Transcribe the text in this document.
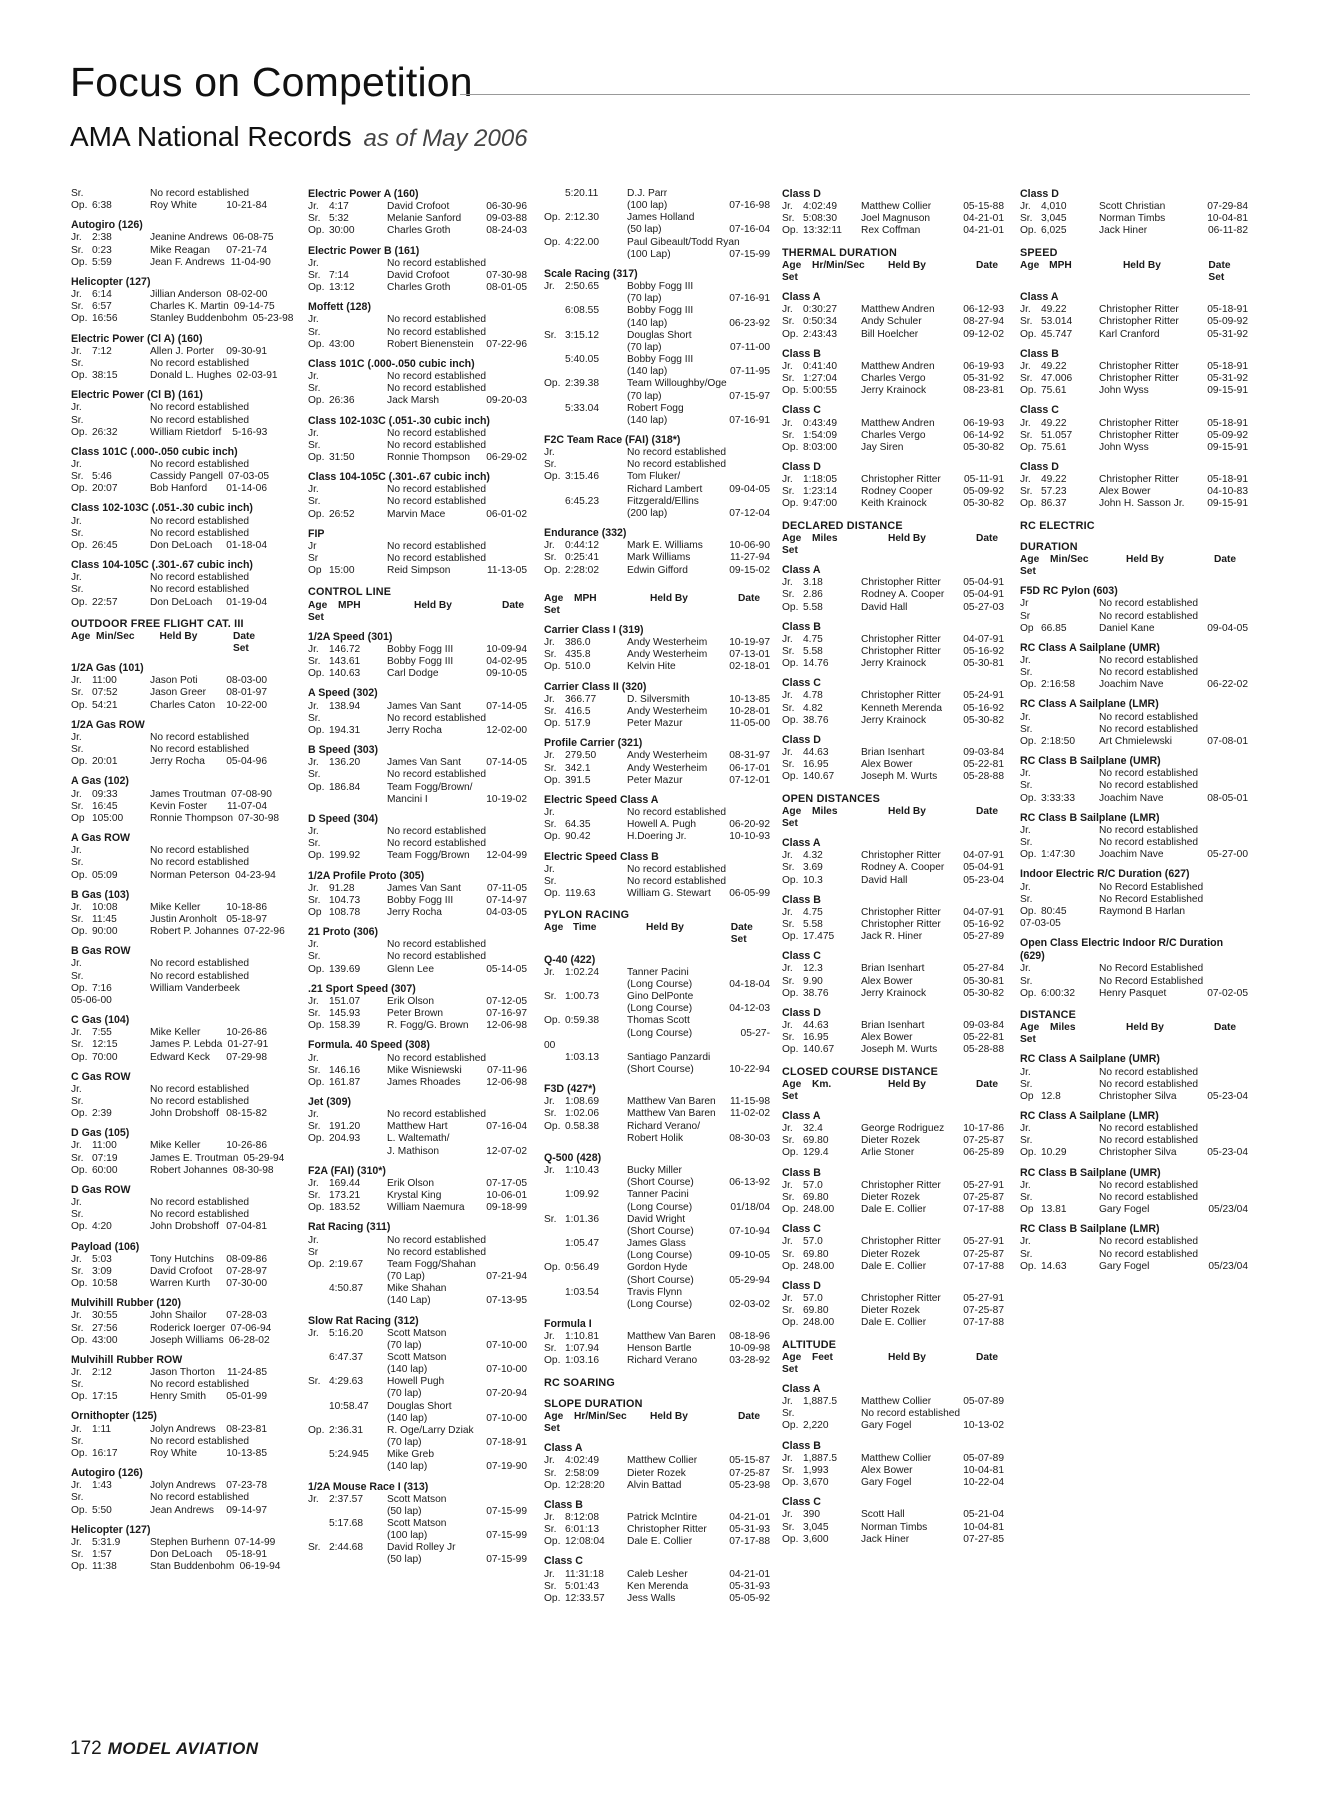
Focus on Competition
AMA National Records as of May 2006
Sr.	No record established
Op. 6:38	Roy White	10-21-84
Autogiro (126)
Jr.	2:38	Jeanine Andrews 06-08-75
Sr. 0:23	Mike Reagan	07-21-74
Op. 5:59	Jean F. Andrews 11-04-90
Helicopter (127)
Jr.	6:14	Jillian Anderson 08-02-00
Sr. 6:57	Charles K. Martin 09-14-75
Op. 16:56	Stanley Buddenbohm 05-23-98
Electric Power (Cl A) (160)
Jr.	7:12	Allen J. Porter	09-30-91
Sr.	No record established
Op. 38:15	Donald L. Hughes 02-03-91
Electric Power (Cl B) (161)
Jr.	No record established
Sr.	No record established
Op. 26:32	William Rietdorf	5-16-93
Class 101C (.000-.050 cubic inch)
Jr.	No record established
Sr. 5:46	Cassidy Pangell 07-03-05
Op. 20:07	Bob Hanford	01-14-06
Class 102-103C (.051-.30 cubic inch)
Jr.	No record established
Sr.	No record established
Op. 26:45	Don DeLoach	01-18-04
Class 104-105C (.301-.67 cubic inch)
Jr.	No record established
Sr.	No record established
Op. 22:57	Don DeLoach	01-19-04
OUTDOOR FREE FLIGHT CAT. III
Age Min/Sec	Held By	Date Set
1/2A Gas (101)
Jr.	11:00	Jason Poti	08-03-00
Sr. 07:52	Jason Greer	08-01-97
Op. 54:21	Charles Caton	10-22-00
1/2A Gas ROW
Jr.	No record established
Sr.	No record established
Op. 20:01	Jerry Rocha	05-04-96
A Gas (102)
Jr.	09:33	James Troutman 07-08-90
Sr. 16:45	Kevin Foster	11-07-04
Op 105:00	Ronnie Thompson 07-30-98
A Gas ROW
Jr.	No record established
Sr.	No record established
Op. 05:09	Norman Peterson 04-23-94
B Gas (103)
Jr.	10:08	Mike Keller	10-18-86
Sr. 11:45	Justin Aronholt 05-18-97
Op. 90:00	Robert P. Johannes 07-22-96
B Gas ROW
Jr.	No record established
Sr.	No record established
Op. 7:16	William Vanderbeek
05-06-00
C Gas (104)
Jr.	7:55	Mike Keller	10-26-86
Sr. 12:15	James P. Lebda 01-27-91
Op. 70:00	Edward Keck	07-29-98
C Gas ROW
Jr.	No record established
Sr.	No record established
Op. 2:39	John Drobshoff 08-15-82
D Gas (105)
Jr.	11:00	Mike Keller	10-26-86
Sr. 07:19	James E. Troutman 05-29-94
Op. 60:00	Robert Johannes 08-30-98
D Gas ROW
Jr.	No record established
Sr.	No record established
Op. 4:20	John Drobshoff 07-04-81
Payload (106)
Jr.	5:03	Tony Hutchins	08-09-86
Sr. 3:09	David Crofoot	07-28-97
Op. 10:58	Warren Kurth	07-30-00
Mulvihill Rubber (120)
Jr.	30:55	John Shailor	07-28-03
Sr. 27:56	Roderick Ioerger 07-06-94
Op. 43:00	Joseph Williams 06-28-02
Mulvihill Rubber ROW
Jr.	2:12	Jason Thorton	11-24-85
Sr.	No record established
Op. 17:15	Henry Smith	05-01-99
Ornithopter (125)
Jr.	1:11	Jolyn Andrews	08-23-81
Sr.	No record established
Op. 16:17	Roy White	10-13-85
Autogiro (126)
Jr.	1:43	Jolyn Andrews	07-23-78
Sr.	No record established
Op. 5:50	Jean Andrews	09-14-97
Helicopter (127)
Jr.	5:31.9	Stephen Burhenn 07-14-99
Sr. 1:57	Don DeLoach	05-18-91
Op. 11:38	Stan Buddenbohm 06-19-94
Electric Power A (160)
Jr.	4:17	David Crofoot	06-30-96
Sr. 5:32	Melanie Sanford	09-03-88
Op. 30:00	Charles Groth	08-24-03
Electric Power B (161)
Jr.	No record established
Sr. 7:14	David Crofoot	07-30-98
Op. 13:12	Charles Groth	08-01-05
Moffett (128)
Jr.	No record established
Sr.	No record established
Op. 43:00	Robert Bienenstein	07-22-96
Class 101C (.000-.050 cubic inch)
Jr.	No record established
Sr.	No record established
Op. 26:36	Jack Marsh	09-20-03
Class 102-103C (.051-.30 cubic inch)
Jr.	No record established
Sr.	No record established
Op. 31:50	Ronnie Thompson	06-29-02
Class 104-105C (.301-.67 cubic inch)
Jr.	No record established
Sr.	No record established
Op. 26:52	Marvin Mace	06-01-02
FIP
Jr	No record established
Sr	No record established
Op 15:00	Reid Simpson	11-13-05
CONTROL LINE
Age	MPH	Held By	Date
Set
1/2A Speed (301)
Jr.	146.72	Bobby Fogg III	10-09-94
Sr. 143.61	Bobby Fogg III	04-02-95
Op. 140.63	Carl Dodge	09-10-05
A Speed (302)
Jr.	138.94	James Van Sant	07-14-05
Sr.	No record established
Op. 194.31	Jerry Rocha	12-02-00
B Speed (303)
Jr.	136.20	James Van Sant	07-14-05
Sr.	No record established
Op. 186.84	Team Fogg/Brown/
Mancini I	10-19-02
D Speed (304)
Jr.	No record established
Sr.	No record established
Op. 199.92	Team Fogg/Brown	12-04-99
1/2A Profile Proto (305)
Jr.	91.28	James Van Sant	07-11-05
Sr. 104.73	Bobby Fogg III	07-14-97
Op 108.78	Jerry Rocha	04-03-05
21 Proto (306)
Jr.	No record established
Sr.	No record established
Op. 139.69	Glenn Lee	05-14-05
.21 Sport Speed (307)
Jr.	151.07	Erik Olson	07-12-05
Sr. 145.93	Peter Brown	07-16-97
Op. 158.39	R. Fogg/G. Brown	12-06-98
Formula. 40 Speed (308)
Jr.	No record established
Sr. 146.16	Mike Wisniewski	07-11-96
Op. 161.87	James Rhoades	12-06-98
Jet (309)
Jr.	No record established
Sr. 191.20	Matthew Hart	07-16-04
Op. 204.93	L. Waltemath/
J. Mathison	12-07-02
F2A (FAI) (310*)
Jr.	169.44	Erik Olson	07-17-05
Sr. 173.21	Krystal King	10-06-01
Op. 183.52	William Naemura	09-18-99
Rat Racing (311)
Jr.	No record established
Sr	No record established
Op. 2:19.67	Team Fogg/Shahan
(70 Lap)	07-21-94
4:50.87	Mike Shahan
(140 Lap)	07-13-95
Slow Rat Racing (312)
Jr.	5:16.20	Scott Matson
(70 lap)	07-10-00
6:47.37	Scott Matson
(140 lap)	07-10-00
Sr. 4:29.63	Howell Pugh
(70 lap)	07-20-94
10:58.47	Douglas Short
(140 lap)	07-10-00
Op. 2:36.31	R. Oge/Larry Dziak
(70 lap)	07-18-91
5:24.945	Mike Greb
(140 lap)	07-19-90
1/2A Mouse Race I (313)
Jr.	2:37.57	Scott Matson
(50 lap)	07-15-99
5:17.68	Scott Matson
(100 lap)	07-15-99
Sr. 2:44.68	David Rolley Jr
(50 lap)	07-15-99
5:20.11	D.J. Parr
(100 lap)	07-16-98
Op. 2:12.30	James Holland
(50 lap)	07-16-04
Op. 4:22.00	Paul Gibeault/Todd Ryan
(100 Lap)	07-15-99
Scale Racing (317)
Jr.	2:50.65	Bobby Fogg III
(70 lap)	07-16-91
6:08.55	Bobby Fogg III
(140 lap)	06-23-92
Sr. 3:15.12	Douglas Short
(70 lap)	07-11-00
5:40.05	Bobby Fogg III
(140 lap)	07-11-95
Op. 2:39.38	Team Willoughby/Oge
(70 lap)	07-15-97
5:33.04	Robert Fogg
(140 lap)	07-16-91
F2C Team Race (FAI) (318*)
Jr.	No record established
Sr.	No record established
Op. 3:15.46	Tom Fluker/
Richard Lambert	09-04-05
6:45.23	Fitzgerald/Ellins
(200 lap)	07-12-04
Endurance (332)
Jr.	0:44:12	Mark E. Williams	10-06-90
Sr. 0:25:41	Mark Williams	11-27-94
Op. 2:28:02	Edwin Gifford	09-15-02
Age	MPH	Held By	Date
Set
Carrier Class I (319)
Jr.	386.0	Andy Westerheim	10-19-97
Sr. 435.8	Andy Westerheim	07-13-01
Op. 510.0	Kelvin Hite	02-18-01
Carrier Class II (320)
Jr.	366.77	D. Silversmith	10-13-85
Sr. 416.5	Andy Westerheim	10-28-01
Op. 517.9	Peter Mazur	11-05-00
Profile Carrier (321)
Jr.	279.50	Andy Westerheim	08-31-97
Sr. 342.1	Andy Westerheim	06-17-01
Op. 391.5	Peter Mazur	07-12-01
Electric Speed Class A
Jr.	No record established
Sr. 64.35	Howell A. Pugh	06-20-92
Op. 90.42	H.Doering Jr.	10-10-93
Electric Speed Class B
Jr.	No record established
Sr.	No record established
Op. 119.63	William G. Stewart	06-05-99
PYLON RACING
Age Time	Held By	Date Set
Q-40 (422)
Jr.	1:02.24	Tanner Pacini
(Long Course)	04-18-04
Sr. 1:00.73	Gino DelPonte
(Long Course)	04-12-03
Op. 0:59.38	Thomas Scott
(Long Course)	05-27-
00
1:03.13	Santiago Panzardi
(Short Course)	10-22-94
F3D (427*)
Jr.	1:08.69	Matthew Van Baren	11-15-98
Sr. 1:02.06	Matthew Van Baren	11-02-02
Op. 0.58.38	Richard Verano/
Robert Holik	08-30-03
Q-500 (428)
Jr.	1:10.43	Bucky Miller
(Short Course)	06-13-92
1:09.92	Tanner Pacini
(Long Course)	01/18/04
Sr. 1:01.36	David Wright
(Short Course)	07-10-94
1:05.47	James Glass
(Long Course)	09-10-05
Op. 0:56.49	Gordon Hyde
(Short Course)	05-29-94
1:03.54	Travis Flynn
(Long Course)	02-03-02
Formula I
Jr.	1:10.81	Matthew Van Baren	08-18-96
Sr. 1:07.94	Henson Bartle	10-09-98
Op. 1:03.16	Richard Verano	03-28-92
RC SOARING
SLOPE DURATION
Age	Hr/Min/Sec	Held By	Date
Set
Class A
Jr.	4:02:49	Matthew Collier	05-15-87
Sr. 2:58:09	Dieter Rozek	07-25-87
Op. 12:28:20	Alvin Battad	05-23-98
Class B
Jr.	8:12:08	Patrick McIntire	04-21-01
Sr. 6:01:13	Christopher Ritter	05-31-93
Op. 12:08:04	Dale E. Collier	07-17-88
Class C
Jr.	11:31:18	Caleb Lesher	04-21-01
Sr. 5:01:43	Ken Merenda	05-31-93
Op. 12:33.57	Jess Walls	05-05-92
Class D
Jr.	4:02:49	Matthew Collier	05-15-88
Sr. 5:08:30	Joel Magnuson	04-21-01
Op. 13:32:11	Rex Coffman	04-21-01
THERMAL DURATION
Age	Hr/Min/Sec	Held By	Date
Set
Class A
Jr.	0:30:27	Matthew Andren	06-12-93
Sr. 0:50:34	Andy Schuler	08-27-94
Op. 2:43:43	Bill Hoelcher	09-12-02
Class B
Jr.	0:41:40	Matthew Andren	06-19-93
Sr. 1:27:04	Charles Vergo	05-31-92
Op. 5:00:55	Jerry Krainock	08-23-81
Class C
Jr.	0:43:49	Matthew Andren	06-19-93
Sr. 1:54:09	Charles Vergo	06-14-92
Op. 8:03:00	Jay Siren	05-30-82
Class D
Jr.	1:18:05	Christopher Ritter	05-11-91
Sr. 1:23:14	Rodney Cooper	05-09-92
Op. 9:47:00	Keith Krainock	05-30-82
DECLARED DISTANCE
Age	Miles	Held By	Date
Set
Class A
Jr.	3.18	Christopher Ritter	05-04-91
Sr. 2.86	Rodney A. Cooper	05-04-91
Op. 5.58	David Hall	05-27-03
Class B
Jr.	4.75	Christopher Ritter	04-07-91
Sr. 5.58	Christopher Ritter	05-16-92
Op. 14.76	Jerry Krainock	05-30-81
Class C
Jr.	4.78	Christopher Ritter	05-24-91
Sr. 4.82	Kenneth Merenda	05-16-92
Op. 38.76	Jerry Krainock	05-30-82
Class D
Jr.	44.63	Brian Isenhart	09-03-84
Sr. 16.95	Alex Bower	05-22-81
Op. 140.67	Joseph M. Wurts	05-28-88
OPEN DISTANCES
Age	Miles	Held By	Date
Set
Class A
Jr.	4.32	Christopher Ritter	04-07-91
Sr. 3.69	Rodney A. Cooper	05-04-91
Op. 10.3	David Hall	05-23-04
Class B
Jr.	4.75	Christopher Ritter	04-07-91
Sr. 5.58	Christopher Ritter	05-16-92
Op. 17.475	Jack R. Hiner	05-27-89
Class C
Jr.	12.3	Brian Isenhart	05-27-84
Sr. 9.90	Alex Bower	05-30-81
Op. 38.76	Jerry Krainock	05-30-82
Class D
Jr.	44.63	Brian Isenhart	09-03-84
Sr. 16.95	Alex Bower	05-22-81
Op. 140.67	Joseph M. Wurts	05-28-88
CLOSED COURSE DISTANCE
Age	Km.	Held By	Date
Set
Class A
Jr.	32.4	George Rodriguez	10-17-86
Sr. 69.80	Dieter Rozek	07-25-87
Op. 129.4	Arlie Stoner	06-25-89
Class B
Jr.	57.0	Christopher Ritter	05-27-91
Sr. 69.80	Dieter Rozek	07-25-87
Op. 248.00	Dale E. Collier	07-17-88
Class C
Jr.	57.0	Christopher Ritter	05-27-91
Sr. 69.80	Dieter Rozek	07-25-87
Op. 248.00	Dale E. Collier	07-17-88
Class D
Jr.	57.0	Christopher Ritter	05-27-91
Sr. 69.80	Dieter Rozek	07-25-87
Op. 248.00	Dale E. Collier	07-17-88
ALTITUDE
Age	Feet	Held By	Date
Set
Class A
Jr.	1,887.5	Matthew Collier	05-07-89
Sr.	No record established
Op. 2,220	Gary Fogel	10-13-02
Class B
Jr.	1,887.5	Matthew Collier	05-07-89
Sr. 1,993	Alex Bower	10-04-81
Op. 3,670	Gary Fogel	10-22-04
Class C
Jr.	390	Scott Hall	05-21-04
Sr. 3,045	Norman Timbs	10-04-81
Op. 3,600	Jack Hiner	07-27-85
Class D
Jr.	4,010	Scott Christian	07-29-84
Sr. 3,045	Norman Timbs	10-04-81
Op. 6,025	Jack Hiner	06-11-82
SPEED
Age MPH	Held By	Date Set
Class A
Jr.	49.22	Christopher Ritter	05-18-91
Sr. 53.014	Christopher Ritter	05-09-92
Op. 45.747	Karl Cranford	05-31-92
Class B
Jr.	49.22	Christopher Ritter	05-18-91
Sr. 47.006	Christopher Ritter	05-31-92
Op. 75.61	John Wyss	09-15-91
Class C
Jr.	49.22	Christopher Ritter	05-18-91
Sr. 51.057	Christopher Ritter	05-09-92
Op. 75.61	John Wyss	09-15-91
Class D
Jr.	49.22	Christopher Ritter	05-18-91
Sr. 57.23	Alex Bower	04-10-83
Op. 86.37	John H. Sasson Jr.	09-15-91
RC ELECTRIC
DURATION
Age	Min/Sec	Held By	Date
Set
F5D RC Pylon (603)
Jr	No record established
Sr	No record established
Op 66.85	Daniel Kane	09-04-05
RC Class A Sailplane (UMR)
Jr.	No record established
Sr.	No record established
Op. 2:16:58	Joachim Nave	06-22-02
RC Class A Sailplane (LMR)
Jr.	No record established
Sr.	No record established
Op. 2:18:50	Art Chmielewski	07-08-01
RC Class B Sailplane (UMR)
Jr.	No record established
Sr.	No record established
Op. 3:33:33	Joachim Nave	08-05-01
RC Class B Sailplane (LMR)
Jr.	No record established
Sr.	No record established
Op. 1:47:30	Joachim Nave	05-27-00
Indoor Electric R/C Duration (627)
Jr.	No Record Established
Sr.	No Record Established
Op. 80:45	Raymond B Harlan
07-03-05
Open Class Electric Indoor R/C Duration
(629)
Jr.	No Record Established
Sr.	No Record Established
Op. 6:00:32	Henry Pasquet	07-02-05
DISTANCE
Age	Miles	Held By	Date
Set
RC Class A Sailplane (UMR)
Jr.	No record established
Sr.	No record established
Op 12.8	Christopher Silva	05-23-04
RC Class A Sailplane (LMR)
Jr.	No record established
Sr.	No record established
Op. 10.29	Christopher Silva	05-23-04
RC Class B Sailplane (UMR)
Jr.	No record established
Sr.	No record established
Op 13.81	Gary Fogel	05/23/04
RC Class B Sailplane (LMR)
Jr.	No record established
Sr.	No record established
Op. 14.63	Gary Fogel	05/23/04
172 MODEL AVIATION
